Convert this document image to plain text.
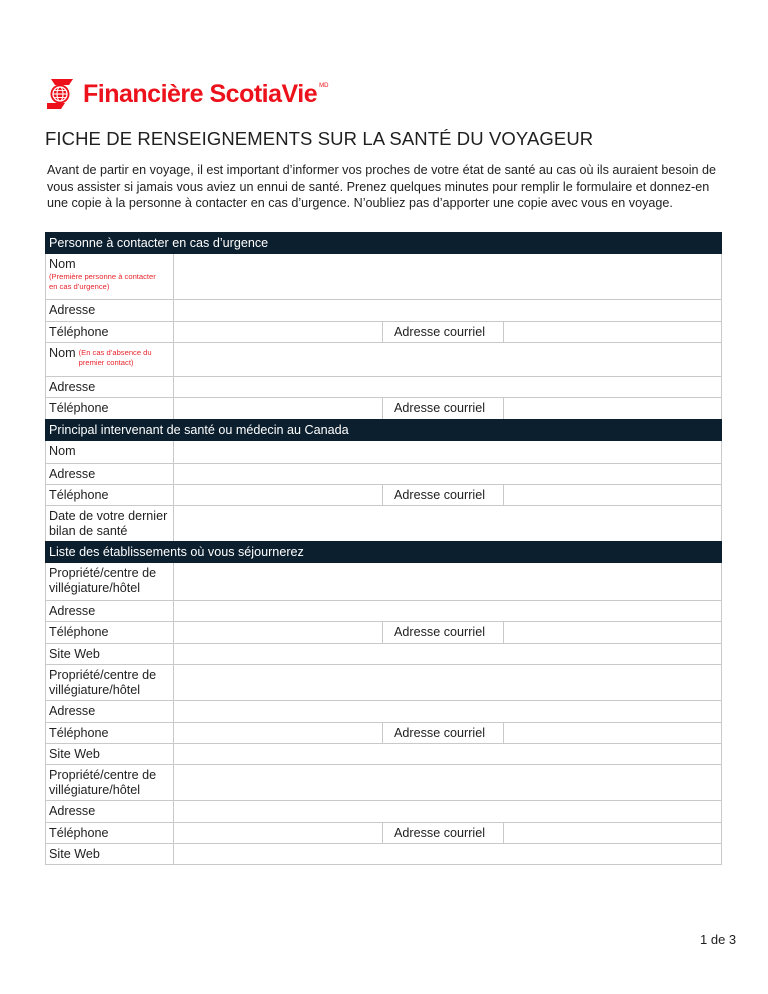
Financière ScotiaVie MD
FICHE DE RENSEIGNEMENTS SUR LA SANTÉ DU VOYAGEUR

Avant de partir en voyage, il est important d’informer vos proches de votre état de santé au cas où ils auraient besoin de vous assister si jamais vous aviez un ennui de santé. Prenez quelques minutes pour remplir le formulaire et donnez-en une copie à la personne à contacter en cas d’urgence. N’oubliez pas d’apporter une copie avec vous en voyage.

Personne à contacter en cas d’urgence
Nom
(Première personne à contacter en cas d’urgence)
Adresse
Téléphone	Adresse courriel
Nom (En cas d’absence du premier contact)
Adresse
Téléphone	Adresse courriel
Principal intervenant de santé ou médecin au Canada
Nom
Adresse
Téléphone	Adresse courriel
Date de votre dernier bilan de santé
Liste des établissements où vous séjournerez
Propriété/centre de villégiature/hôtel
Adresse
Téléphone	Adresse courriel
Site Web
Propriété/centre de villégiature/hôtel
Adresse
Téléphone	Adresse courriel
Site Web
Propriété/centre de villégiature/hôtel
Adresse
Téléphone	Adresse courriel
Site Web
1 de 3
